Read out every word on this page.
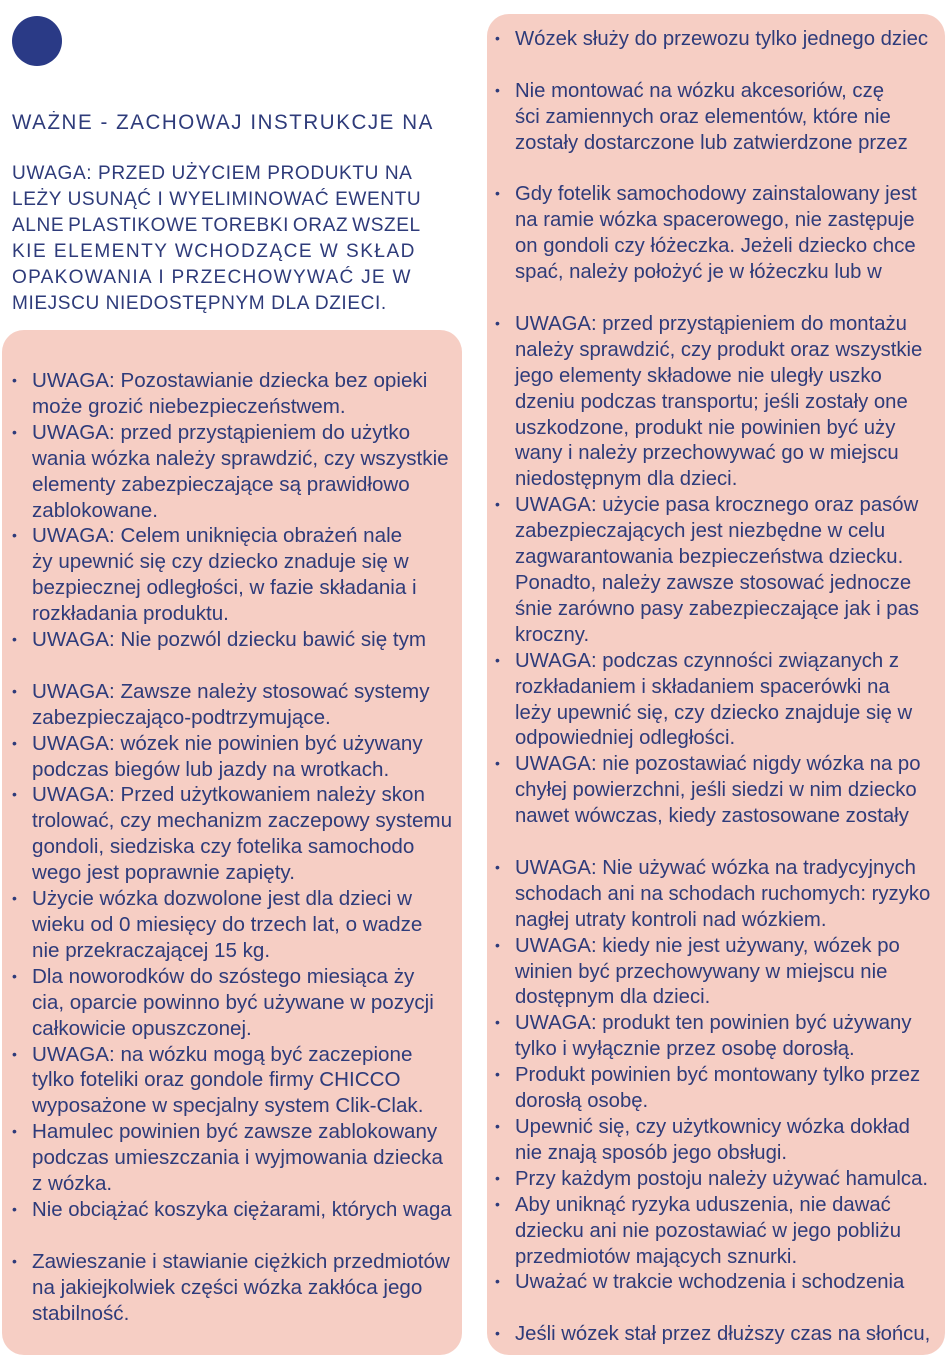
WAŻNE - ZACHOWAJ INSTRUKCJE NA
UWAGA: PRZED UŻYCIEM PRODUKTU NA
LEŻY USUNĄĆ I WYELIMINOWAĆ EWENTU
ALNE PLASTIKOWE TOREBKI ORAZ WSZEL
KIE ELEMENTY WCHODZĄCE W SKŁAD
OPAKOWANIA I PRZECHOWYWAĆ JE W
MIEJSCU NIEDOSTĘPNYM DLA DZIECI.
• UWAGA: Pozostawianie dziecka bez opieki
może grozić niebezpieczeństwem.
• UWAGA: przed przystąpieniem do użytko
wania wózka należy sprawdzić, czy wszystkie
elementy zabezpieczające są prawidłowo
zablokowane.
• UWAGA: Celem uniknięcia obrażeń nale
ży upewnić się czy dziecko znaduje się w
bezpiecznej odległości, w fazie składania i
rozkładania produktu.
• UWAGA: Nie pozwól dziecku bawić się tym
• UWAGA: Zawsze należy stosować systemy
zabezpieczająco-podtrzymujące.
• UWAGA: wózek nie powinien być używany
podczas biegów lub jazdy na wrotkach.
• UWAGA: Przed użytkowaniem należy skon
trolować, czy mechanizm zaczepowy systemu
gondoli, siedziska czy fotelika samochodo
wego jest poprawnie zapięty.
• Użycie wózka dozwolone jest dla dzieci w
wieku od 0 miesięcy do trzech lat, o wadze
nie przekraczającej 15 kg.
• Dla noworodków do szóstego miesiąca ży
cia, oparcie powinno być używane w pozycji
całkowicie opuszczonej.
• UWAGA: na wózku mogą być zaczepione
tylko foteliki oraz gondole firmy CHICCO
wyposażone w specjalny system Clik-Clak.
• Hamulec powinien być zawsze zablokowany
podczas umieszczania i wyjmowania dziecka
z wózka.
• Nie obciążać koszyka ciężarami, których waga
• Zawieszanie i stawianie ciężkich przedmiotów
na jakiejkolwiek części wózka zakłóca jego
stabilność.
• Wózek służy do przewozu tylko jednego dziec
• Nie montować na wózku akcesoriów, czę
ści zamiennych oraz elementów, które nie
zostały dostarczone lub zatwierdzone przez
• Gdy fotelik samochodowy zainstalowany jest
na ramie wózka spacerowego, nie zastępuje
on gondoli czy łóżeczka. Jeżeli dziecko chce
spać, należy położyć je w łóżeczku lub w
• UWAGA: przed przystąpieniem do montażu
należy sprawdzić, czy produkt oraz wszystkie
jego elementy składowe nie uległy uszko
dzeniu podczas transportu; jeśli zostały one
uszkodzone, produkt nie powinien być uży
wany i należy przechowywać go w miejscu
niedostępnym dla dzieci.
• UWAGA: użycie pasa krocznego oraz pasów
zabezpieczających jest niezbędne w celu
zagwarantowania bezpieczeństwa dziecku.
Ponadto, należy zawsze stosować jednocze
śnie zarówno pasy zabezpieczające jak i pas
kroczny.
• UWAGA: podczas czynności związanych z
rozkładaniem i składaniem spacerówki na
leży upewnić się, czy dziecko znajduje się w
odpowiedniej odległości.
• UWAGA: nie pozostawiać nigdy wózka na po
chyłej powierzchni, jeśli siedzi w nim dziecko
nawet wówczas, kiedy zastosowane zostały
• UWAGA: Nie używać wózka na tradycyjnych
schodach ani na schodach ruchomych: ryzyko
nagłej utraty kontroli nad wózkiem.
• UWAGA: kiedy nie jest używany, wózek po
winien być przechowywany w miejscu nie
dostępnym dla dzieci.
• UWAGA: produkt ten powinien być używany
tylko i wyłącznie przez osobę dorosłą.
• Produkt powinien być montowany tylko przez
dorosłą osobę.
• Upewnić się, czy użytkownicy wózka dokład
nie znają sposób jego obsługi.
• Przy każdym postoju należy używać hamulca.
• Aby uniknąć ryzyka uduszenia, nie dawać
dziecku ani nie pozostawiać w jego pobliżu
przedmiotów mających sznurki.
• Uważać w trakcie wchodzenia i schodzenia
• Jeśli wózek stał przez dłuższy czas na słońcu,
